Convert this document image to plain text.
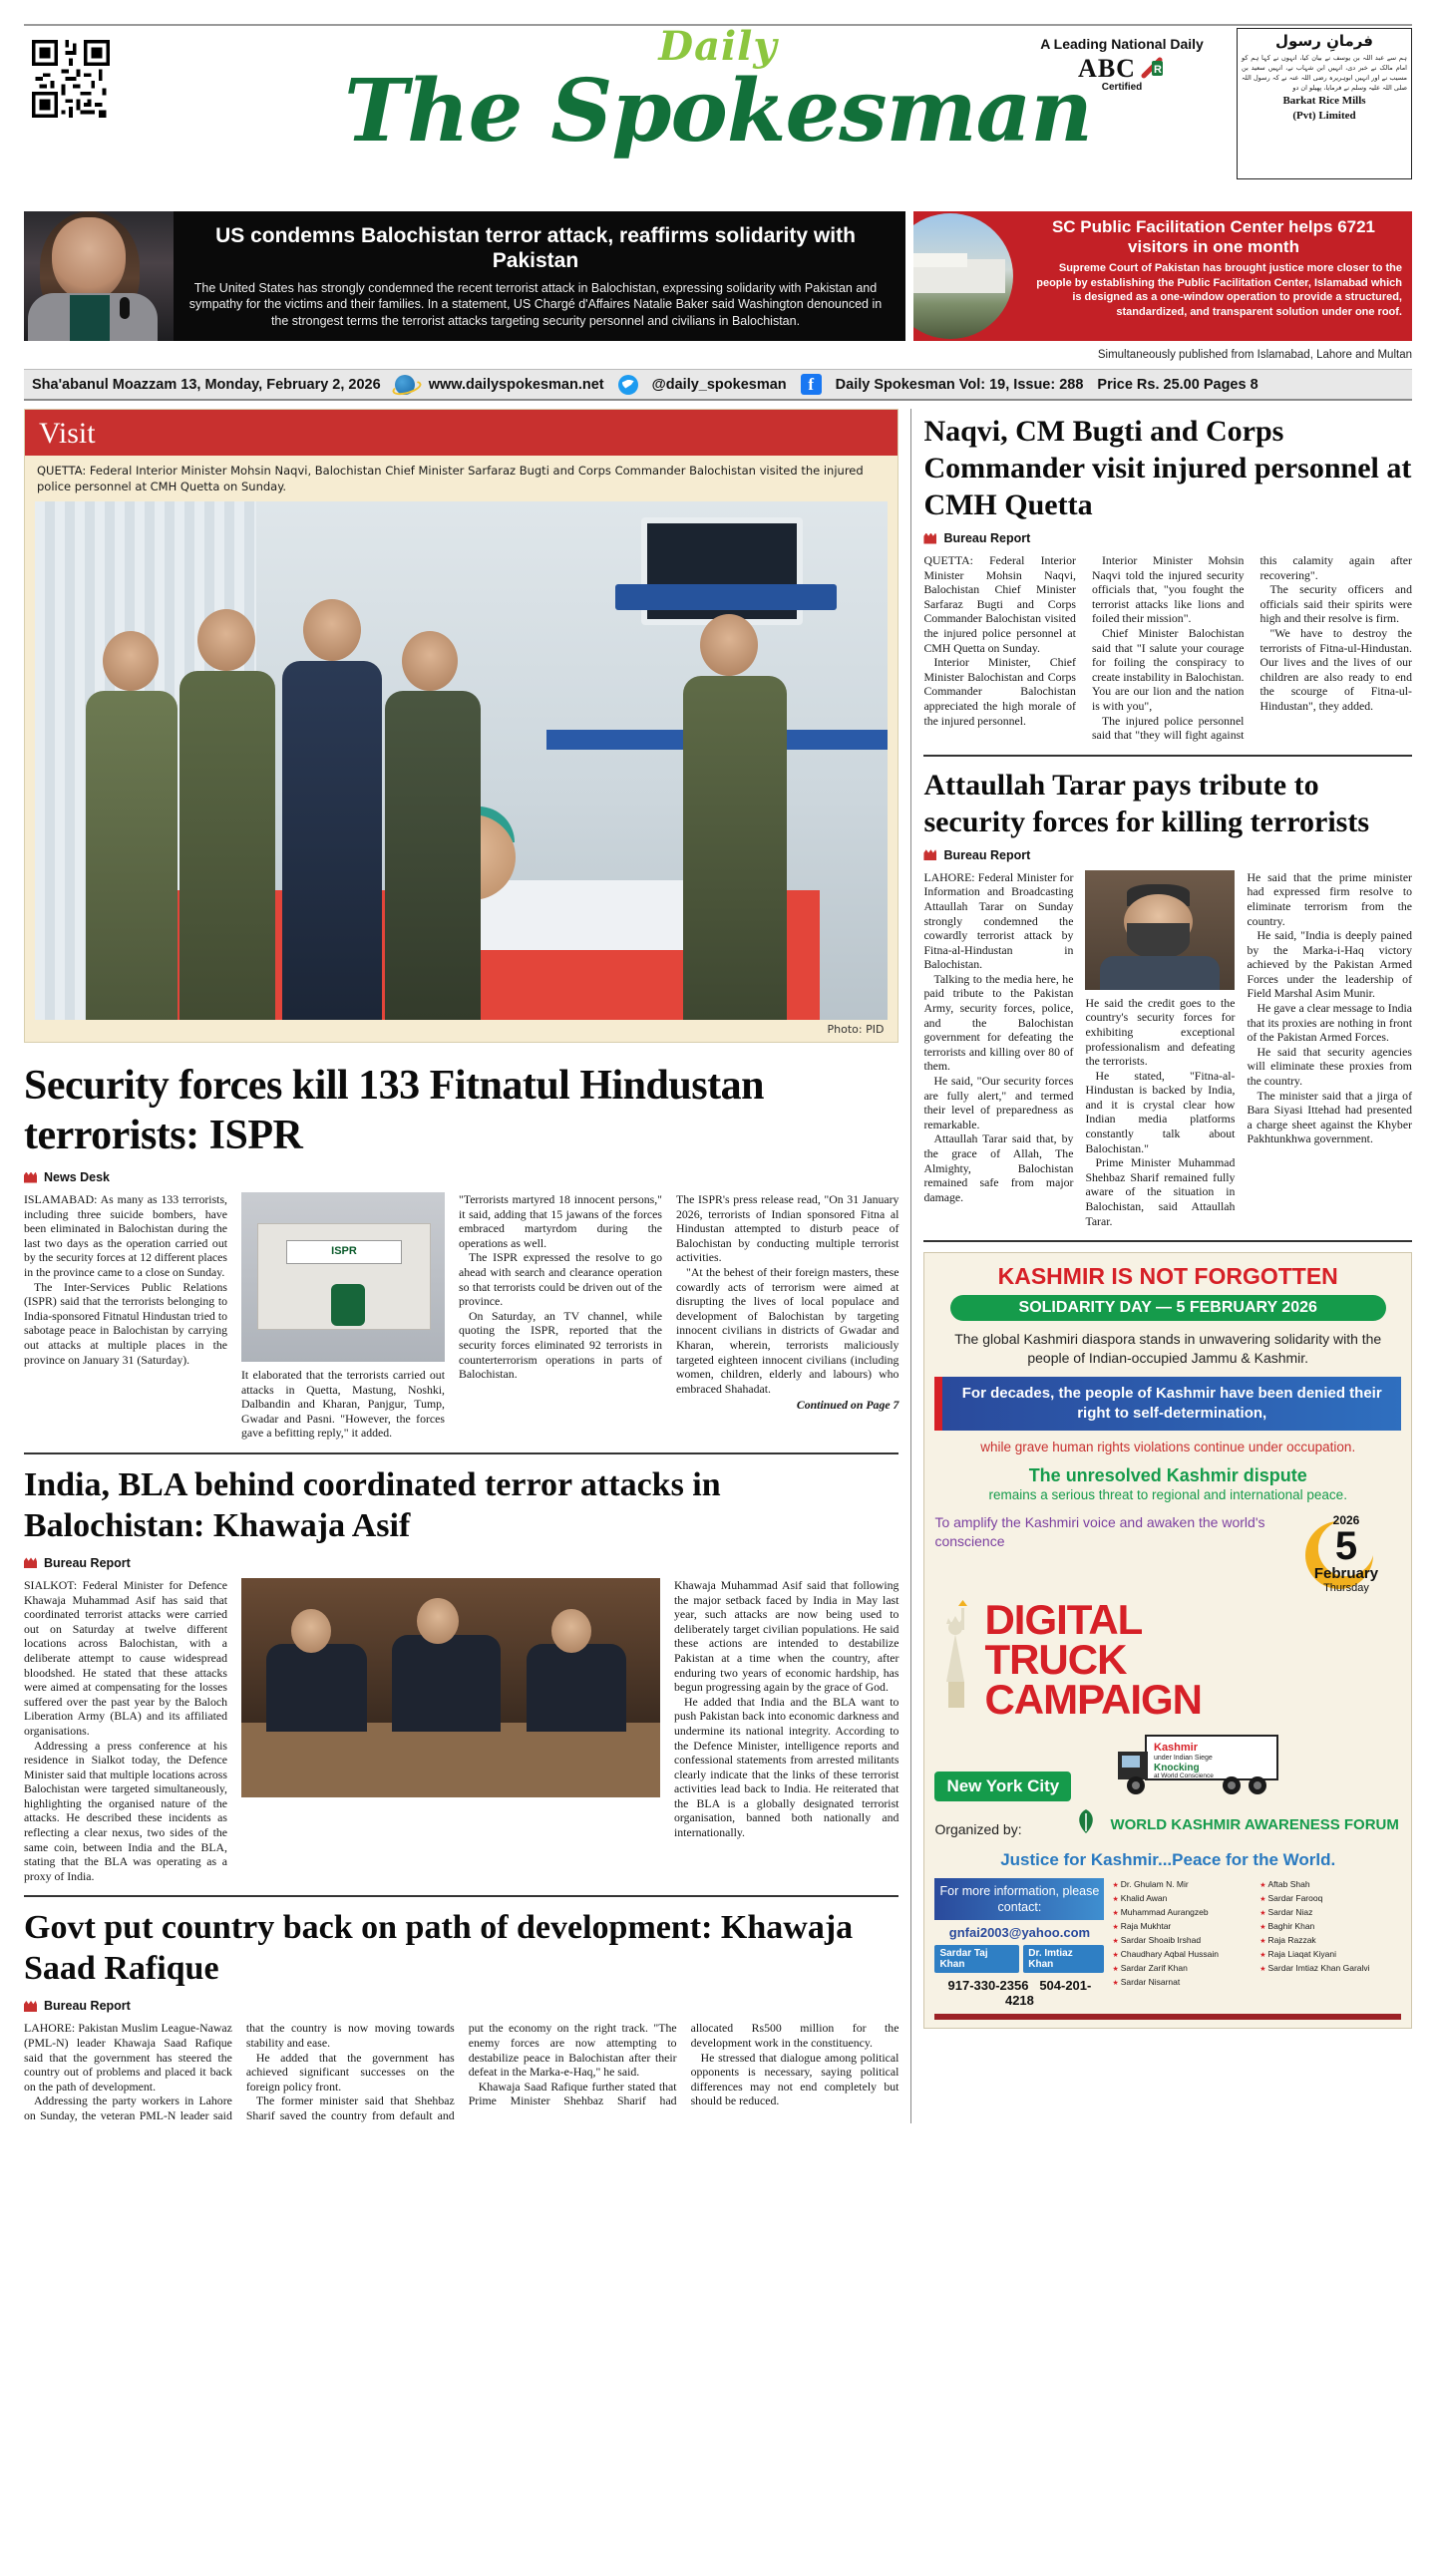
Daily
The Spokesman
A Leading National Daily
ABC R
Certified
فرمانِ رسول
ہم سے عبد اللہ بن یوسف نے بیان کیا، انہوں نے کہا ہم کو امام مالک نے خبر دی، انہیں ابن شہاب نے، انہیں سعید بن مسیب نے اور انہیں ابوہریرہ رضی اللہ عنہ نے کہ رسول اللہ صلی اللہ علیہ وسلم نے فرمایا، پھیلو ان دو
Barkat Rice Mills
(Pvt) Limited
US condemns Balochistan terror attack, reaffirms solidarity with Pakistan
The United States has strongly condemned the recent terrorist attack in Balochistan, expressing solidarity with Pakistan and sympathy for the victims and their families. In a statement, US Chargé d'Affaires Natalie Baker said Washington denounced in the strongest terms the terrorist attacks targeting security personnel and civilians in Balochistan.
SC Public Facilitation Center helps 6721 visitors in one month
Supreme Court of Pakistan has brought justice more closer to the people by establishing the Public Facilitation Center, Islamabad which is designed as a one-window operation to provide a structured, standardized, and transparent solution under one roof.
Simultaneously published from Islamabad, Lahore and Multan
Sha'abanul Moazzam 13, Monday, February 2, 2026	www.dailyspokesman.net	@daily_spokesman	f	Daily Spokesman Vol: 19, Issue: 288 Price Rs. 25.00 Pages 8
Visit
QUETTA: Federal Interior Minister Mohsin Naqvi, Balochistan Chief Minister Sarfaraz Bugti and Corps Commander Balochistan visited the injured police personnel at CMH Quetta on Sunday.
Photo: PID
Security forces kill 133 Fitnatul Hindustan terrorists: ISPR
News Desk

ISLAMABAD: As many as 133 terrorists, including three suicide bombers, have been eliminated in Balochistan during the last two days as the operation carried out by the security forces at 12 different places in the province came to a close on Sunday.

The Inter-Services Public Relations (ISPR) said that the terrorists belonging to India-sponsored Fitnatul Hindustan tried to sabotage peace in Balochistan by carrying out attacks at multiple places in the province on January 31 (Saturday).

ISPR

It elaborated that the terrorists carried out attacks in Quetta, Mastung, Noshki, Dalbandin and Kharan, Panjgur, Tump, Gwadar and Pasni. "However, the forces gave a befitting reply," it added.

"Terrorists martyred 18 innocent persons," it said, adding that 15 jawans of the forces embraced martyrdom during the operations as well.

The ISPR expressed the resolve to go ahead with search and clearance operation so that terrorists could be driven out of the province.

On Saturday, an TV channel, while quoting the ISPR, reported that the security forces eliminated 92 terrorists in counterterrorism operations in parts of Balochistan.

The ISPR's press release read, "On 31 January 2026, terrorists of Indian sponsored Fitna al Hindustan attempted to disturb peace of Balochistan by conducting multiple terrorist activities.

"At the behest of their foreign masters, these cowardly acts of terrorism were aimed at disrupting the lives of local populace and development of Balochistan by targeting innocent civilians in districts of Gwadar and Kharan, wherein, terrorists maliciously targeted eighteen innocent civilians (including women, children, elderly and labours) who embraced Shahadat.

Continued on Page 7
India, BLA behind coordinated terror attacks in Balochistan: Khawaja Asif
Bureau Report

SIALKOT: Federal Minister for Defence Khawaja Muhammad Asif has said that coordinated terrorist attacks were carried out on Saturday at twelve different locations across Balochistan, with a deliberate attempt to cause widespread bloodshed. He stated that these attacks were aimed at compensating for the losses suffered over the past year by the Baloch Liberation Army (BLA) and its affiliated organisations.

Addressing a press conference at his residence in Sialkot today, the Defence Minister said that multiple locations across Balochistan were targeted simultaneously, highlighting the organised nature of the attacks. He described these incidents as reflecting a clear nexus, two sides of the same coin, between India and the BLA, stating that the BLA was operating as a proxy of India.

Khawaja Muhammad Asif said that following the major setback faced by India in May last year, such attacks are now being used to deliberately target civilian populations. He said these actions are intended to destabilize Pakistan at a time when the country, after enduring two years of economic hardship, has begun progressing again by the grace of God.

He added that India and the BLA want to push Pakistan back into economic darkness and undermine its national integrity. According to the Defence Minister, intelligence reports and confessional statements from arrested militants clearly indicate that the links of these terrorist activities lead back to India. He reiterated that the BLA is a globally designated terrorist organisation, banned both nationally and internationally.

Govt put country back on path of development: Khawaja Saad Rafique
Bureau Report

LAHORE: Pakistan Muslim League-Nawaz (PML-N) leader Khawaja Saad Rafique said that the government has steered the country out of problems and placed it back on the path of development.

Addressing the party workers in Lahore on Sunday, the veteran PML-N leader said that the country is now moving towards stability and ease.

He added that the government has achieved significant successes on the foreign policy front.

The former minister said that Shehbaz Sharif saved the country from default and put the economy on the right track. "The enemy forces are now attempting to destabilize peace in Balochistan after their defeat in the Marka-e-Haq," he said.

Khawaja Saad Rafique further stated that Prime Minister Shehbaz Sharif had allocated Rs500 million for the development work in the constituency.

He stressed that dialogue among political opponents is necessary, saying political differences may not end completely but should be reduced.

Naqvi, CM Bugti and Corps Commander visit injured personnel at CMH Quetta
Bureau Report

QUETTA: Federal Interior Minister Mohsin Naqvi, Balochistan Chief Minister Sarfaraz Bugti and Corps Commander Balochistan visited the injured police personnel at CMH Quetta on Sunday.

Interior Minister, Chief Minister Balochistan and Corps Commander Balochistan appreciated the high morale of the injured personnel.

Interior Minister Mohsin Naqvi told the injured security officials that, "you fought the terrorist attacks like lions and foiled their mission".

Chief Minister Balochistan said that "I salute your courage for foiling the conspiracy to create instability in Balochistan. You are our lion and the nation is with you",

The injured police personnel said that "they will fight against this calamity again after recovering".

The security officers and officials said their spirits were high and their resolve is firm.

"We have to destroy the terrorists of Fitna-ul-Hindustan. Our lives and the lives of our children are also ready to end the scourge of Fitna-ul-Hindustan", they added.

Attaullah Tarar pays tribute to security forces for killing terrorists
Bureau Report

LAHORE: Federal Minister for Information and Broadcasting Attaullah Tarar on Sunday strongly condemned the cowardly terrorist attack by Fitna-al-Hindustan in Balochistan.

Talking to the media here, he paid tribute to the Pakistan Army, security forces, police, and the Balochistan government for defeating the terrorists and killing over 80 of them.

He said, "Our security forces are fully alert," and termed their level of preparedness as remarkable.

Attaullah Tarar said that, by the grace of Allah, The Almighty, Balochistan remained safe from major damage.

He said the credit goes to the country's security forces for exhibiting exceptional professionalism and defeating the terrorists.

He stated, "Fitna-al-Hindustan is backed by India, and it is crystal clear how Indian media platforms constantly talk about Balochistan."

Prime Minister Muhammad Shehbaz Sharif remained fully aware of the situation in Balochistan, said Attaullah Tarar.

He said that the prime minister had expressed firm resolve to eliminate terrorism from the country.

He said, "India is deeply pained by the Marka-i-Haq victory achieved by the Pakistan Armed Forces under the leadership of Field Marshal Asim Munir.

He gave a clear message to India that its proxies are nothing in front of the Pakistan Armed Forces.

He said that security agencies will eliminate these proxies from the country.

The minister said that a jirga of Bara Siyasi Ittehad had presented a charge sheet against the Khyber Pakhtunkhwa government.

KASHMIR IS NOT FORGOTTEN
SOLIDARITY DAY — 5 FEBRUARY 2026
The global Kashmiri diaspora stands in unwavering solidarity with the people of Indian-occupied Jammu & Kashmir.
For decades, the people of Kashmir have been denied their right to self-determination,
while grave human rights violations continue under occupation.
The unresolved Kashmir dispute
remains a serious threat to regional and international peace.
To amplify the Kashmiri voice and awaken the world's conscience
2026
5
February
Thursday
DIGITAL
TRUCK
CAMPAIGN
New York City
Kashmir
under Indian Siege
Knocking
at World Conscience
Organized by:	WORLD KASHMIR AWARENESS FORUM
Justice for Kashmir...Peace for the World.
For more information, please contact:
gnfai2003@yahoo.com
Sardar Taj Khan
Dr. Imtiaz Khan
917-330-2356 504-201-4218
★ Dr. Ghulam N. Mir
★ Khalid Awan
★ Muhammad Aurangzeb
★ Raja Mukhtar
★ Sardar Shoaib Irshad
★ Chaudhary Aqbal Hussain
★ Sardar Zarif Khan
★ Sardar Nisarnat
★ Aftab Shah
★ Sardar Farooq
★ Sardar Niaz
★ Baghir Khan
★ Raja Razzak
★ Raja Liaqat Kiyani
★ Sardar Imtiaz Khan Garalvi
